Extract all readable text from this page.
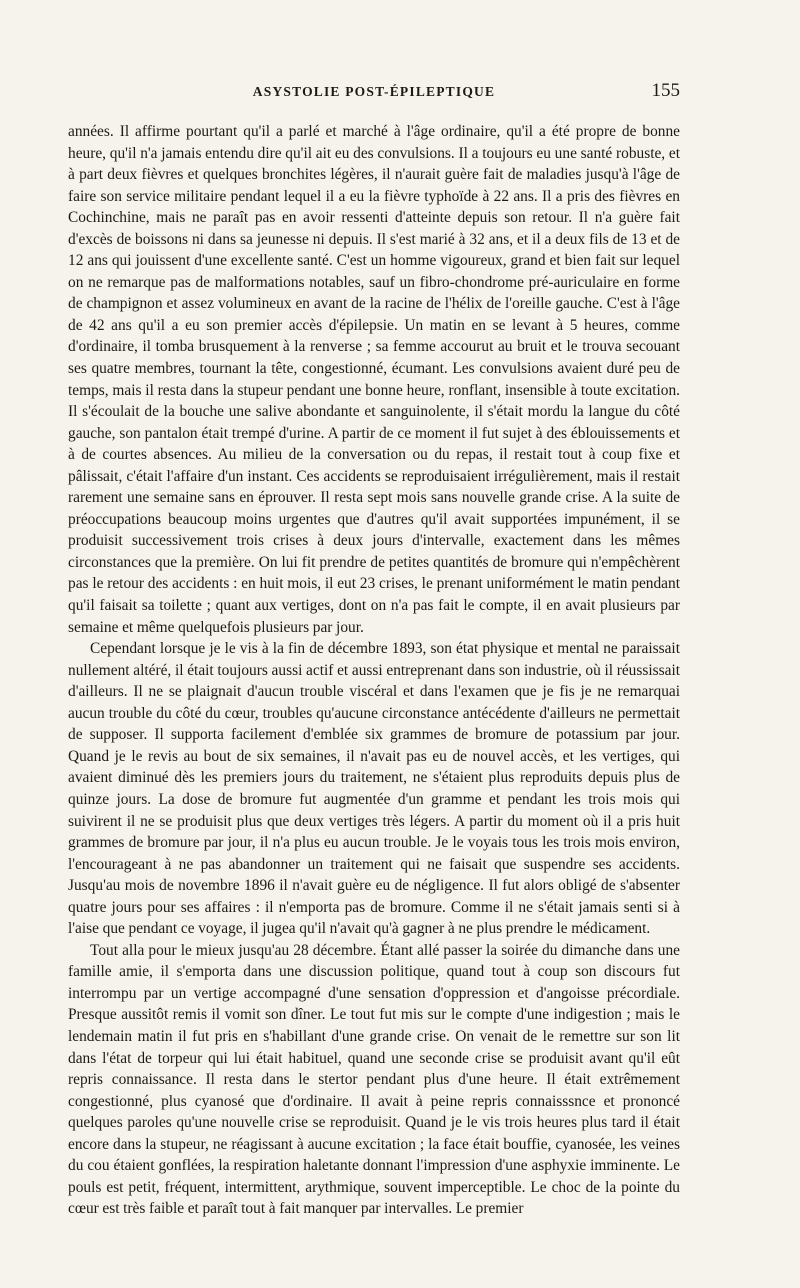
ASYSTOLIE POST-ÉPILEPTIQUE	155

années. Il affirme pourtant qu'il a parlé et marché à l'âge ordinaire, qu'il a été propre de bonne heure, qu'il n'a jamais entendu dire qu'il ait eu des convulsions. Il a toujours eu une santé robuste, et à part deux fièvres et quelques bronchites légères, il n'aurait guère fait de maladies jusqu'à l'âge de faire son service militaire pendant lequel il a eu la fièvre typhoïde à 22 ans. Il a pris des fièvres en Cochinchine, mais ne paraît pas en avoir ressenti d'atteinte depuis son retour. Il n'a guère fait d'excès de boissons ni dans sa jeunesse ni depuis. Il s'est marié à 32 ans, et il a deux fils de 13 et de 12 ans qui jouissent d'une excellente santé. C'est un homme vigoureux, grand et bien fait sur lequel on ne remarque pas de malformations notables, sauf un fibro-chondrome pré-auriculaire en forme de champignon et assez volumineux en avant de la racine de l'hélix de l'oreille gauche. C'est à l'âge de 42 ans qu'il a eu son premier accès d'épilepsie. Un matin en se levant à 5 heures, comme d'ordinaire, il tomba brusquement à la renverse ; sa femme accourut au bruit et le trouva secouant ses quatre membres, tournant la tête, congestionné, écumant. Les convulsions avaient duré peu de temps, mais il resta dans la stupeur pendant une bonne heure, ronflant, insensible à toute excitation. Il s'écoulait de la bouche une salive abondante et sanguinolente, il s'était mordu la langue du côté gauche, son pantalon était trempé d'urine. A partir de ce moment il fut sujet à des éblouissements et à de courtes absences. Au milieu de la conversation ou du repas, il restait tout à coup fixe et pâlissait, c'était l'affaire d'un instant. Ces accidents se reproduisaient irrégulièrement, mais il restait rarement une semaine sans en éprouver. Il resta sept mois sans nouvelle grande crise. A la suite de préoccupations beaucoup moins urgentes que d'autres qu'il avait supportées impunément, il se produisit successivement trois crises à deux jours d'intervalle, exactement dans les mêmes circonstances que la première. On lui fit prendre de petites quantités de bromure qui n'empêchèrent pas le retour des accidents : en huit mois, il eut 23 crises, le prenant uniformément le matin pendant qu'il faisait sa toilette ; quant aux vertiges, dont on n'a pas fait le compte, il en avait plusieurs par semaine et même quelquefois plusieurs par jour.

Cependant lorsque je le vis à la fin de décembre 1893, son état physique et mental ne paraissait nullement altéré, il était toujours aussi actif et aussi entreprenant dans son industrie, où il réussissait d'ailleurs. Il ne se plaignait d'aucun trouble viscéral et dans l'examen que je fis je ne remarquai aucun trouble du côté du cœur, troubles qu'aucune circonstance antécédente d'ailleurs ne permettait de supposer. Il supporta facilement d'emblée six grammes de bromure de potassium par jour. Quand je le revis au bout de six semaines, il n'avait pas eu de nouvel accès, et les vertiges, qui avaient diminué dès les premiers jours du traitement, ne s'étaient plus reproduits depuis plus de quinze jours. La dose de bromure fut augmentée d'un gramme et pendant les trois mois qui suivirent il ne se produisit plus que deux vertiges très légers. A partir du moment où il a pris huit grammes de bromure par jour, il n'a plus eu aucun trouble. Je le voyais tous les trois mois environ, l'encourageant à ne pas abandonner un traitement qui ne faisait que suspendre ses accidents. Jusqu'au mois de novembre 1896 il n'avait guère eu de négligence. Il fut alors obligé de s'absenter quatre jours pour ses affaires : il n'emporta pas de bromure. Comme il ne s'était jamais senti si à l'aise que pendant ce voyage, il jugea qu'il n'avait qu'à gagner à ne plus prendre le médicament.

Tout alla pour le mieux jusqu'au 28 décembre. Étant allé passer la soirée du dimanche dans une famille amie, il s'emporta dans une discussion politique, quand tout à coup son discours fut interrompu par un vertige accompagné d'une sensation d'oppression et d'angoisse précordiale. Presque aussitôt remis il vomit son dîner. Le tout fut mis sur le compte d'une indigestion ; mais le lendemain matin il fut pris en s'habillant d'une grande crise. On venait de le remettre sur son lit dans l'état de torpeur qui lui était habituel, quand une seconde crise se produisit avant qu'il eût repris connaissance. Il resta dans le stertor pendant plus d'une heure. Il était extrêmement congestionné, plus cyanosé que d'ordinaire. Il avait à peine repris connaisssnce et prononcé quelques paroles qu'une nouvelle crise se reproduisit. Quand je le vis trois heures plus tard il était encore dans la stupeur, ne réagissant à aucune excitation ; la face était bouffie, cyanosée, les veines du cou étaient gonflées, la respiration haletante donnant l'impression d'une asphyxie imminente. Le pouls est petit, fréquent, intermittent, arythmique, souvent imperceptible. Le choc de la pointe du cœur est très faible et paraît tout à fait manquer par intervalles. Le premier
